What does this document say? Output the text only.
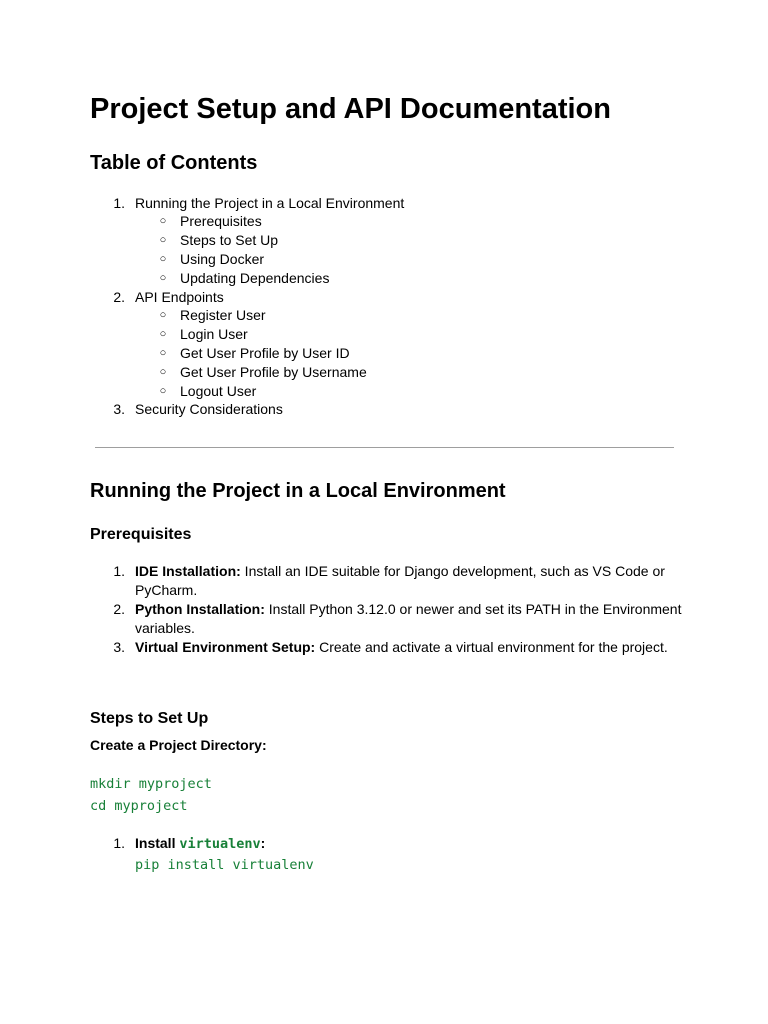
Project Setup and API Documentation
Table of Contents
1. Running the Project in a Local Environment
○ Prerequisites
○ Steps to Set Up
○ Using Docker
○ Updating Dependencies
2. API Endpoints
○ Register User
○ Login User
○ Get User Profile by User ID
○ Get User Profile by Username
○ Logout User
3. Security Considerations
Running the Project in a Local Environment
Prerequisites
1. IDE Installation: Install an IDE suitable for Django development, such as VS Code or
PyCharm.
2. Python Installation: Install Python 3.12.0 or newer and set its PATH in the Environment
variables.
3. Virtual Environment Setup: Create and activate a virtual environment for the project.
Steps to Set Up
Create a Project Directory:
mkdir myproject
cd myproject
1. Install virtualenv:
pip install virtualenv
